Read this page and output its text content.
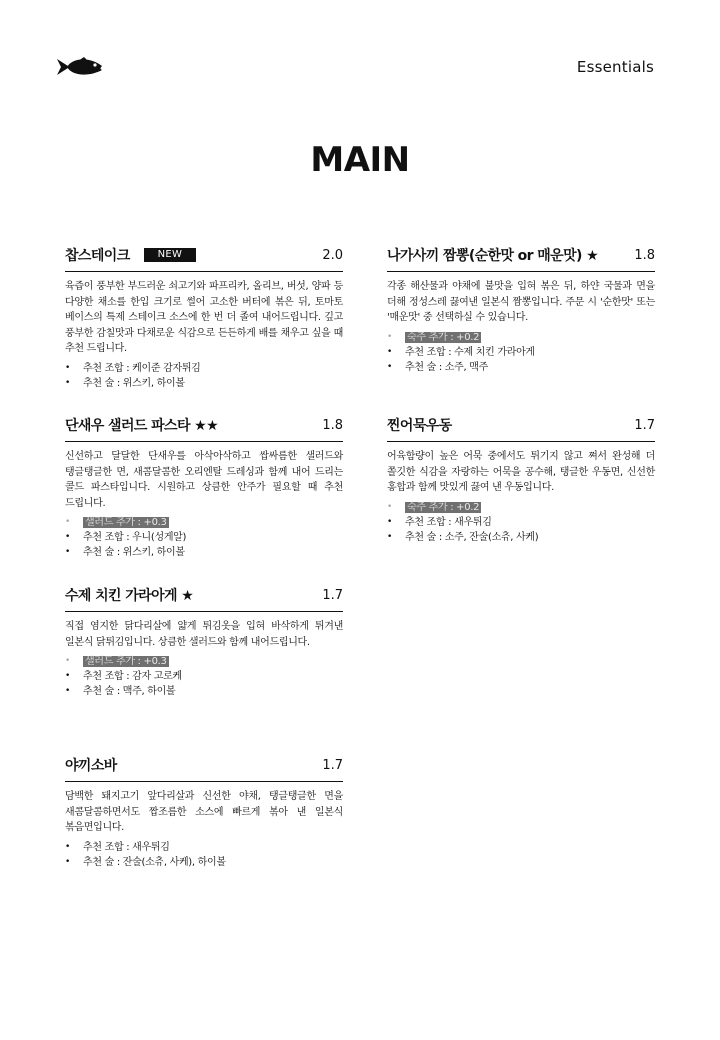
Essentials
MAIN
찹스테이크	NEW	2.0
육즙이 풍부한 부드러운 쇠고기와 파프리카, 올리브, 버섯, 양파 등 다양한 채소를 한입 크기로 썰어 고소한 버터에 볶은 뒤, 토마토 베이스의 특제 스테이크 소스에 한 번 더 졸여 내어드립니다. 깊고 풍부한 감칠맛과 다채로운 식감으로 든든하게 배를 채우고 싶을 때 추천 드립니다.
• 추천 조합 : 케이준 감자튀김
• 추천 술 : 위스키, 하이볼
나가사끼 짬뽕(순한맛 or 매운맛) ★	1.8
각종 해산물과 야채에 불맛을 입혀 볶은 뒤, 하얀 국물과 면을 더해 정성스레 끓여낸 일본식 짬뽕입니다. 주문 시 '순한맛' 또는 '매운맛' 중 선택하실 수 있습니다.
• 숙주 추가 : +0.2
• 추천 조합 : 수제 치킨 가라아게
• 추천 술 : 소주, 맥주
단새우 샐러드 파스타 ★★	1.8
신선하고 달달한 단새우를 아삭아삭하고 쌉싸름한 샐러드와 탱글탱글한 면, 새콤달콤한 오리엔탈 드레싱과 함께 내어 드리는 콜드 파스타입니다. 시원하고 상큼한 안주가 필요할 때 추천 드립니다.
• 샐러드 추가 : +0.3
• 추천 조합 : 우니(성게알)
• 추천 술 : 위스키, 하이볼
찐어묵우동	1.7
어육함량이 높은 어묵 중에서도 튀기지 않고 쪄서 완성해 더 쫄깃한 식감을 자랑하는 어묵을 공수해, 탱글한 우동면, 신선한 홍합과 함께 맛있게 끓여 낸 우동입니다.
• 숙주 추가 : +0.2
• 추천 조합 : 새우튀김
• 추천 술 : 소주, 잔술(소츄, 사케)
수제 치킨 가라아게 ★	1.7
직접 염지한 닭다리살에 얇게 튀김옷을 입혀 바삭하게 튀겨낸 일본식 닭튀김입니다. 상큼한 샐러드와 함께 내어드립니다.
• 샐러드 추가 : +0.3
• 추천 조합 : 감자 고로케
• 추천 술 : 맥주, 하이볼
야끼소바	1.7
담백한 돼지고기 앞다리살과 신선한 야채, 탱글탱글한 면을 새콤달콤하면서도 짭조름한 소스에 빠르게 볶아 낸 일본식 볶음면입니다.
• 추천 조합 : 새우튀김
• 추천 술 : 잔술(소츄, 사케), 하이볼
